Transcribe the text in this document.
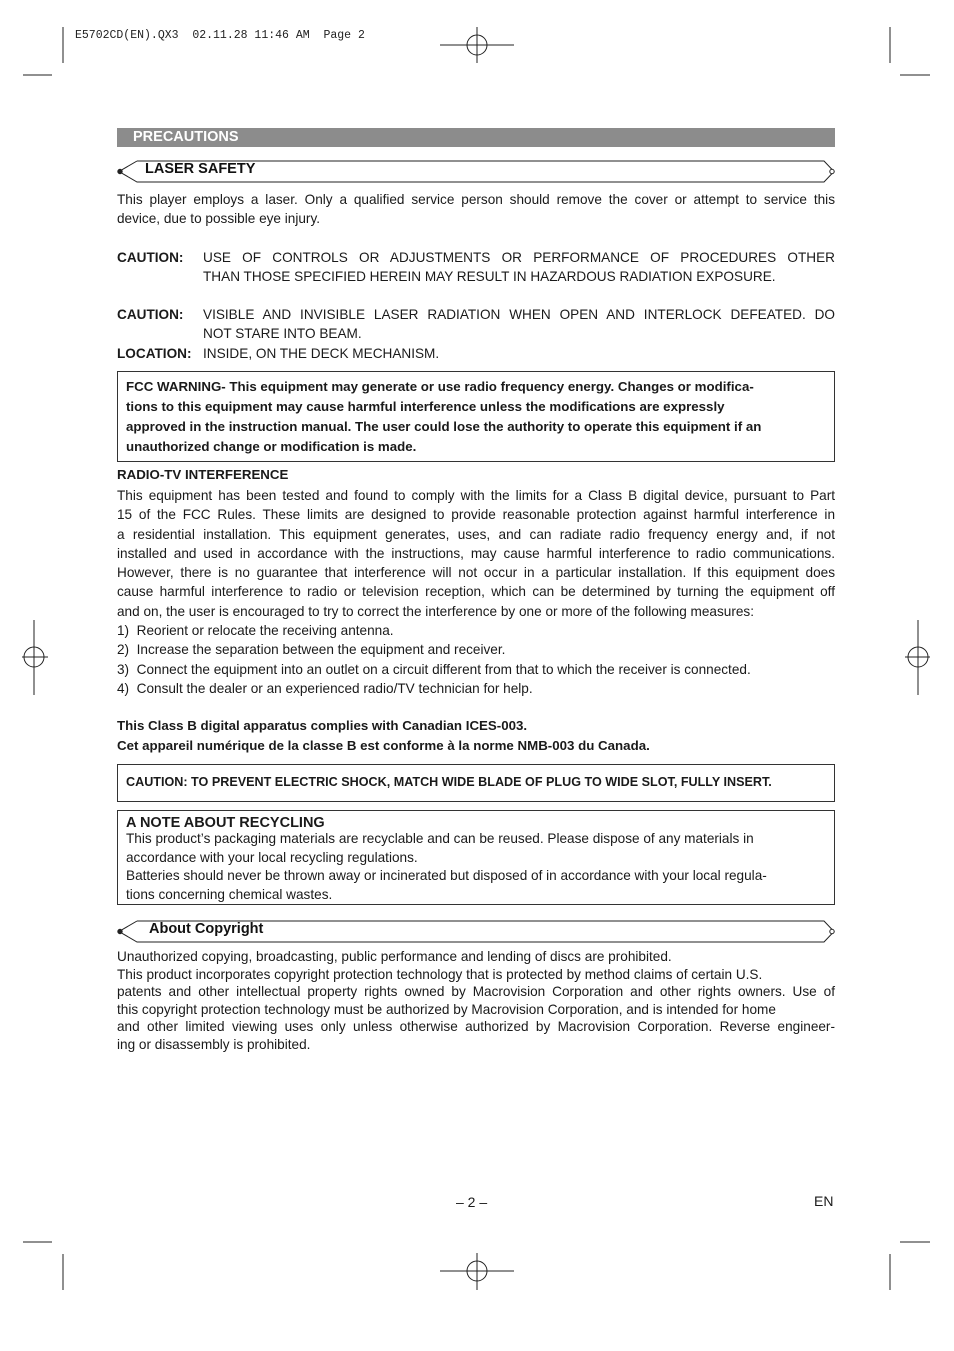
E5702CD(EN).QX3  02.11.28 11:46 AM  Page 2
PRECAUTIONS
LASER SAFETY
This player employs a laser. Only a qualified service person should remove the cover or attempt to service this
device, due to possible eye injury.
CAUTION: USE OF CONTROLS OR ADJUSTMENTS OR PERFORMANCE OF PROCEDURES OTHER
THAN THOSE SPECIFIED HEREIN MAY RESULT IN HAZARDOUS RADIATION EXPOSURE.
CAUTION: VISIBLE AND INVISIBLE LASER RADIATION WHEN OPEN AND INTERLOCK DEFEATED. DO
NOT STARE INTO BEAM.
LOCATION: INSIDE, ON THE DECK MECHANISM.
FCC WARNING- This equipment may generate or use radio frequency energy. Changes or modifica-
tions to this equipment may cause harmful interference unless the modifications are expressly
approved in the instruction manual. The user could lose the authority to operate this equipment if an
unauthorized change or modification is made.
RADIO-TV INTERFERENCE
This equipment has been tested and found to comply with the limits for a Class B digital device, pursuant to Part
15 of the FCC Rules. These limits are designed to provide reasonable protection against harmful interference in
a residential installation. This equipment generates, uses, and can radiate radio frequency energy and, if not
installed and used in accordance with the instructions, may cause harmful interference to radio communications.
However, there is no guarantee that interference will not occur in a particular installation. If this equipment does
cause harmful interference to radio or television reception, which can be determined by turning the equipment off
and on, the user is encouraged to try to correct the interference by one or more of the following measures:
1)  Reorient or relocate the receiving antenna.
2)  Increase the separation between the equipment and receiver.
3)  Connect the equipment into an outlet on a circuit different from that to which the receiver is connected.
4)  Consult the dealer or an experienced radio/TV technician for help.
This Class B digital apparatus complies with Canadian ICES-003.
Cet appareil numérique de la classe B est conforme à la norme NMB-003 du Canada.
CAUTION: TO PREVENT ELECTRIC SHOCK, MATCH WIDE BLADE OF PLUG TO WIDE SLOT, FULLY INSERT.
A NOTE ABOUT RECYCLING
This product’s packaging materials are recyclable and can be reused. Please dispose of any materials in
accordance with your local recycling regulations.
Batteries should never be thrown away or incinerated but disposed of in accordance with your local regula-
tions concerning chemical wastes.
About Copyright
Unauthorized copying, broadcasting, public performance and lending of discs are prohibited.
This product incorporates copyright protection technology that is protected by method claims of certain U.S.
patents and other intellectual property rights owned by Macrovision Corporation and other rights owners. Use of
this copyright protection technology must be authorized by Macrovision Corporation, and is intended for home
and other limited viewing uses only unless otherwise authorized by Macrovision Corporation. Reverse engineer-
ing or disassembly is prohibited.
– 2 –	EN
